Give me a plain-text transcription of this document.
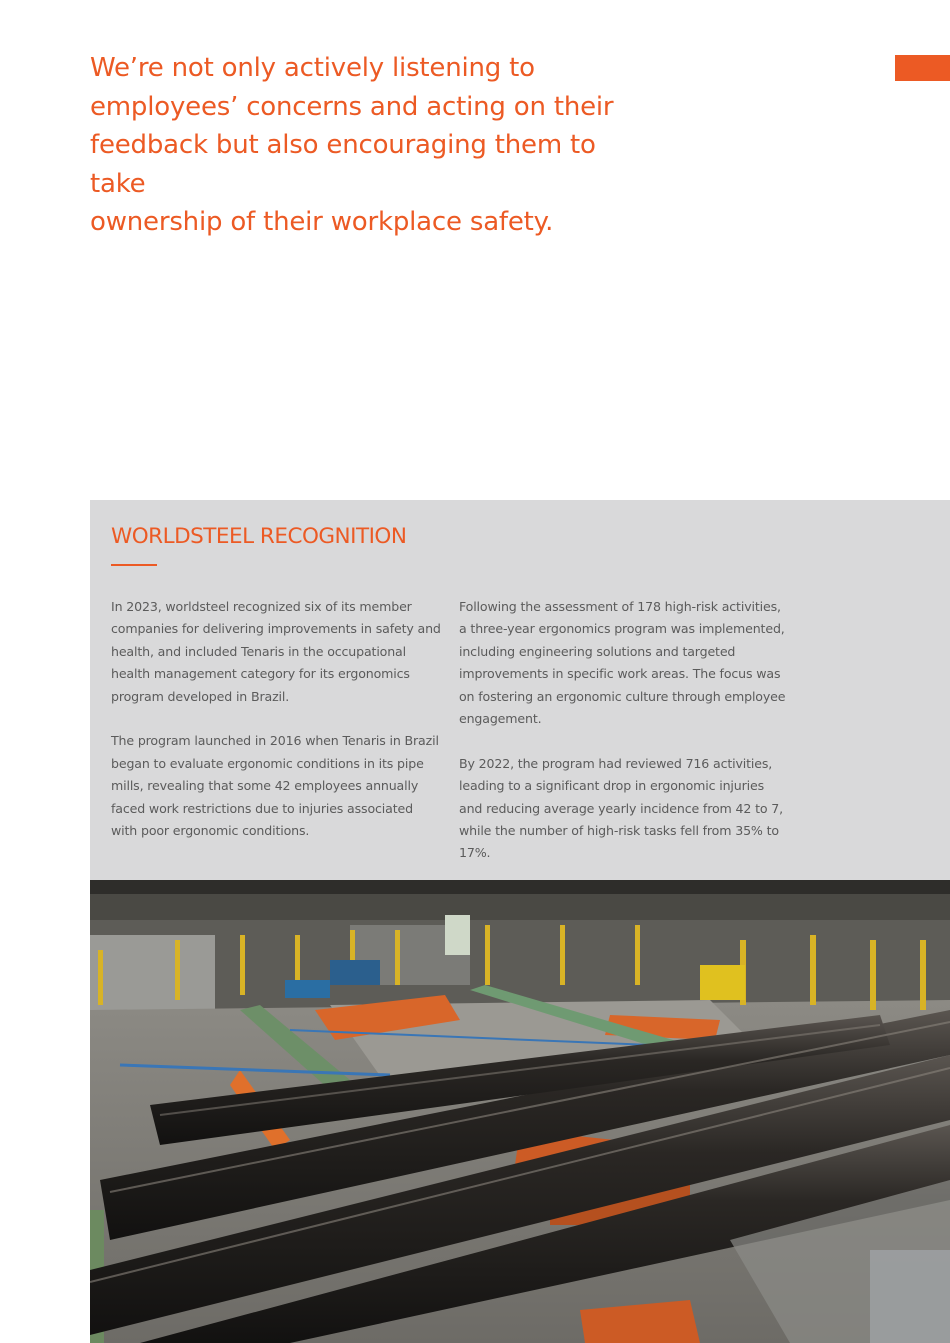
We’re not only actively listening to
employees’ concerns and acting on their
feedback but also encouraging them to take
ownership of their workplace safety.
WORLDSTEEL RECOGNITION

In 2023, worldsteel recognized six of its member companies for delivering improvements in safety and health, and included Tenaris in the occupational health management category for its ergonomics program developed in Brazil.

The program launched in 2016 when Tenaris in Brazil began to evaluate ergonomic conditions in its pipe mills, revealing that some 42 employees annually faced work restrictions due to injuries associated with poor ergonomic conditions.

Following the assessment of 178 high-risk activities, a three-year ergonomics program was implemented, including engineering solutions and targeted improvements in specific work areas. The focus was on fostering an ergonomic culture through employee engagement.

By 2022, the program had reviewed 716 activities, leading to a significant drop in ergonomic injuries and reducing average yearly incidence from 42 to 7, while the number of high-risk tasks fell from 35% to 17%.
